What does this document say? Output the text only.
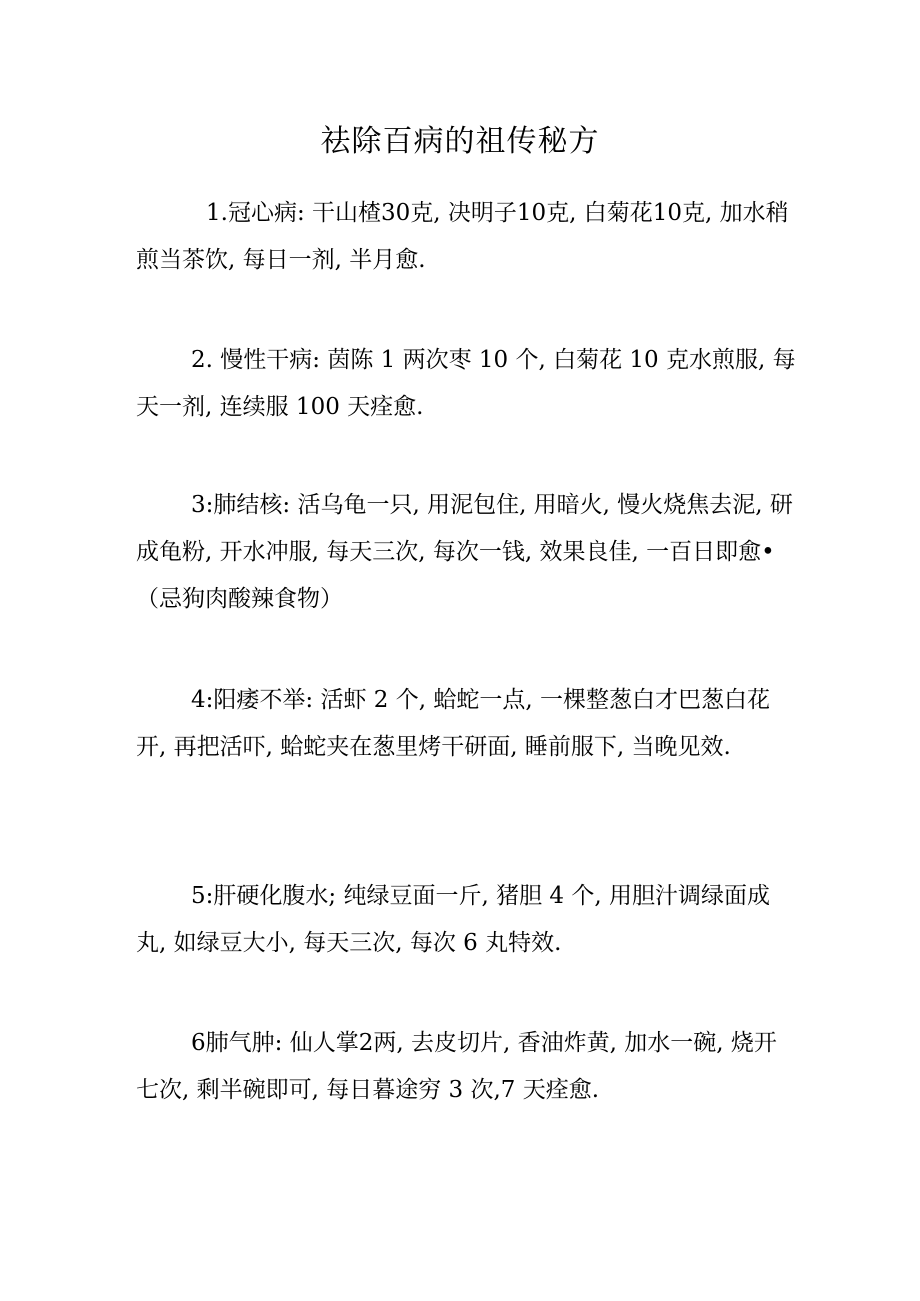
祛除百病的祖传秘方
1.冠心病: 干山楂30克, 决明子10克, 白菊花10克, 加水稍煎当茶饮, 每日一剂, 半月愈.
2. 慢性干病: 茵陈 1 两次枣 10 个, 白菊花 10 克水煎服, 每天一剂, 连续服 100 天痊愈.
3:肺结核: 活乌龟一只, 用泥包住, 用暗火, 慢火烧焦去泥, 研成龟粉, 开水冲服, 每天三次, 每次一钱, 效果良佳, 一百日即愈•（忌狗肉酸辣食物）
4:阳痿不举: 活虾 2 个, 蛤蛇一点, 一棵整葱白才巴葱白花开, 再把活吓, 蛤蛇夹在葱里烤干研面, 睡前服下, 当晚见效.
5:肝硬化腹水; 纯绿豆面一斤, 猪胆 4 个, 用胆汁调绿面成丸, 如绿豆大小, 每天三次, 每次 6 丸特效.
6肺气肿: 仙人掌2两, 去皮切片, 香油炸黄, 加水一碗, 烧开七次, 剩半碗即可, 每日暮途穷 3 次,7 天痊愈.
